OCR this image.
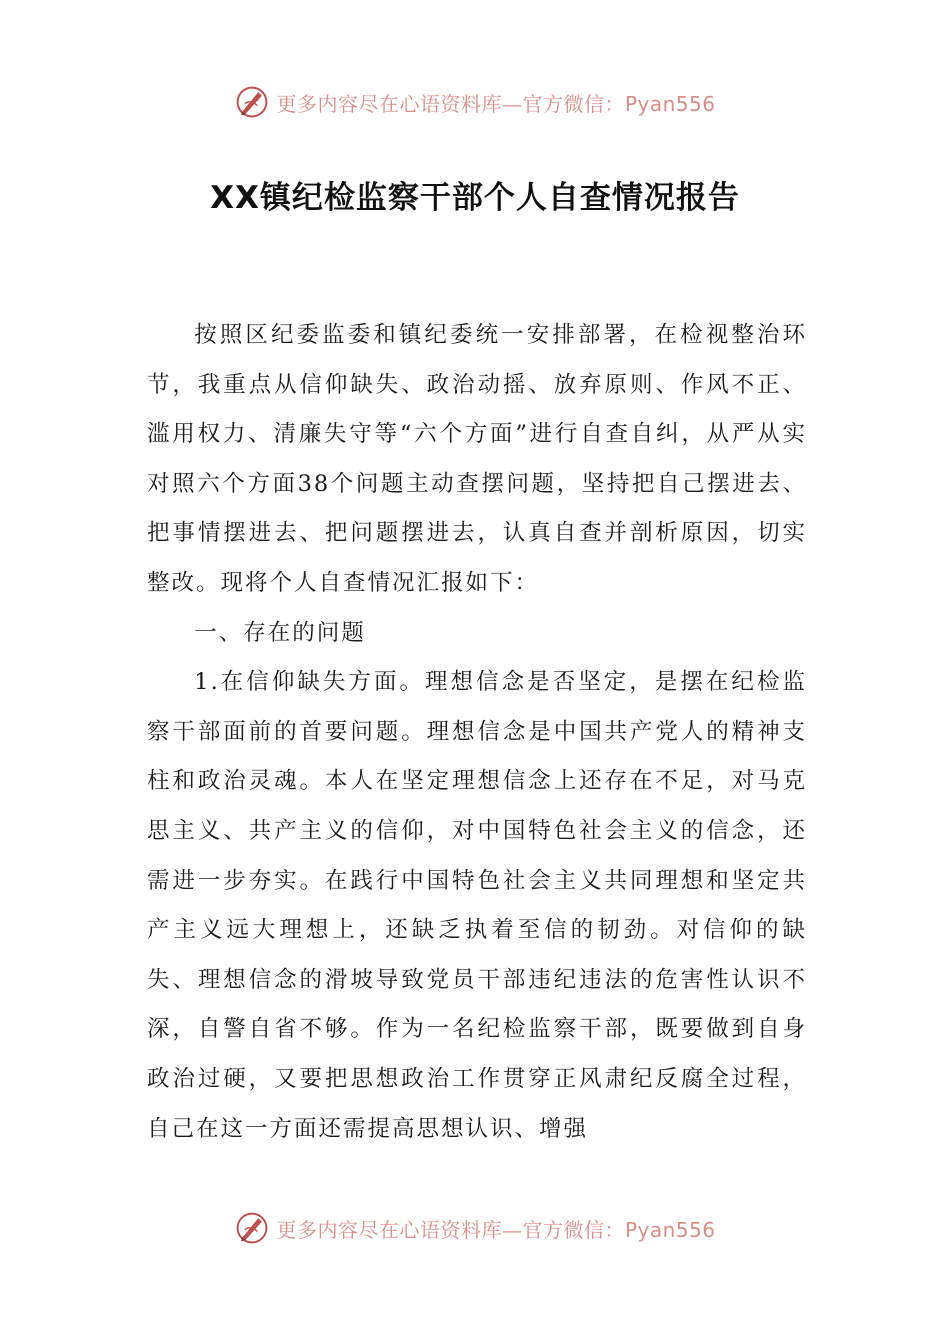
更多内容尽在心语资料库—官方微信：Pyan556
XX镇纪检监察干部个人自查情况报告

按照区纪委监委和镇纪委统一安排部署，在检视整治环节，我重点从信仰缺失、政治动摇、放弃原则、作风不正、滥用权力、清廉失守等“六个方面”进行自查自纠，从严从实对照六个方面38个问题主动查摆问题，坚持把自己摆进去、把事情摆进去、把问题摆进去，认真自查并剖析原因，切实整改。现将个人自查情况汇报如下：

一、存在的问题

1.在信仰缺失方面。理想信念是否坚定，是摆在纪检监察干部面前的首要问题。理想信念是中国共产党人的精神支柱和政治灵魂。本人在坚定理想信念上还存在不足，对马克思主义、共产主义的信仰，对中国特色社会主义的信念，还需进一步夯实。在践行中国特色社会主义共同理想和坚定共产主义远大理想上，还缺乏执着至信的韧劲。对信仰的缺失、理想信念的滑坡导致党员干部违纪违法的危害性认识不深，自警自省不够。作为一名纪检监察干部，既要做到自身政治过硬，又要把思想政治工作贯穿正风肃纪反腐全过程，自己在这一方面还需提高思想认识、增强

更多内容尽在心语资料库—官方微信：Pyan556
